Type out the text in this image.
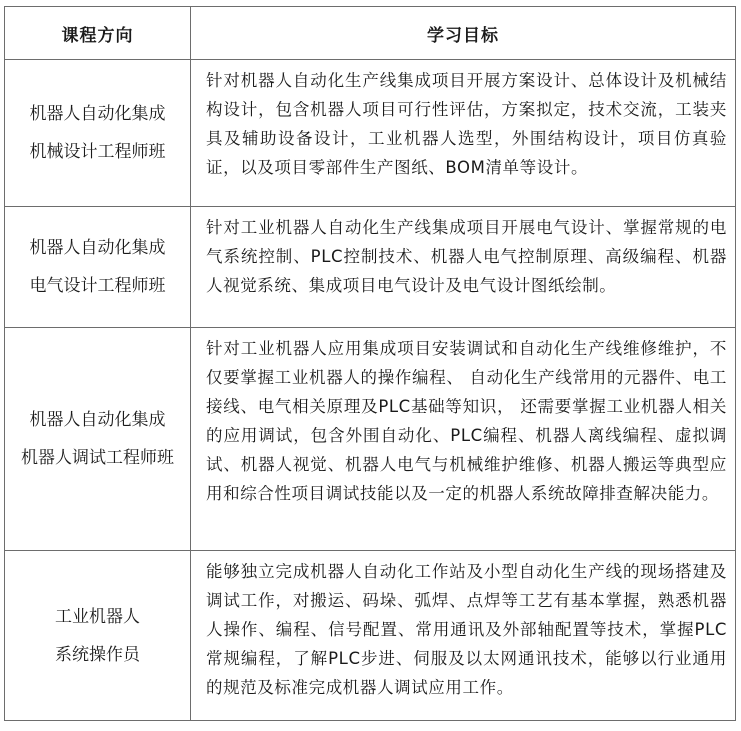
课程方向	学习目标
机器人自动化集成
机械设计工程师班
针对机器人自动化生产线集成项目开展方案设计、总体设计及机械结构设计，包含机器人项目可行性评估，方案拟定，技术交流，工装夹具及辅助设备设计，工业机器人选型，外围结构设计，项目仿真验证，以及项目零部件生产图纸、BOM清单等设计。
机器人自动化集成
电气设计工程师班
针对工业机器人自动化生产线集成项目开展电气设计、掌握常规的电气系统控制、PLC控制技术、机器人电气控制原理、高级编程、机器人视觉系统、集成项目电气设计及电气设计图纸绘制。
机器人自动化集成
机器人调试工程师班
针对工业机器人应用集成项目安装调试和自动化生产线维修维护，不仅要掌握工业机器人的操作编程、 自动化生产线常用的元器件、电工接线、电气相关原理及PLC基础等知识， 还需要掌握工业机器人相关的应用调试，包含外围自动化、PLC编程、机器人离线编程、虚拟调试、机器人视觉、机器人电气与机械维护维修、机器人搬运等典型应用和综合性项目调试技能以及一定的机器人系统故障排查解决能力。
工业机器人
系统操作员
能够独立完成机器人自动化工作站及小型自动化生产线的现场搭建及调试工作，对搬运、码垛、弧焊、点焊等工艺有基本掌握，熟悉机器人操作、编程、信号配置、常用通讯及外部轴配置等技术，掌握PLC常规编程，了解PLC步进、伺服及以太网通讯技术，能够以行业通用的规范及标准完成机器人调试应用工作。
